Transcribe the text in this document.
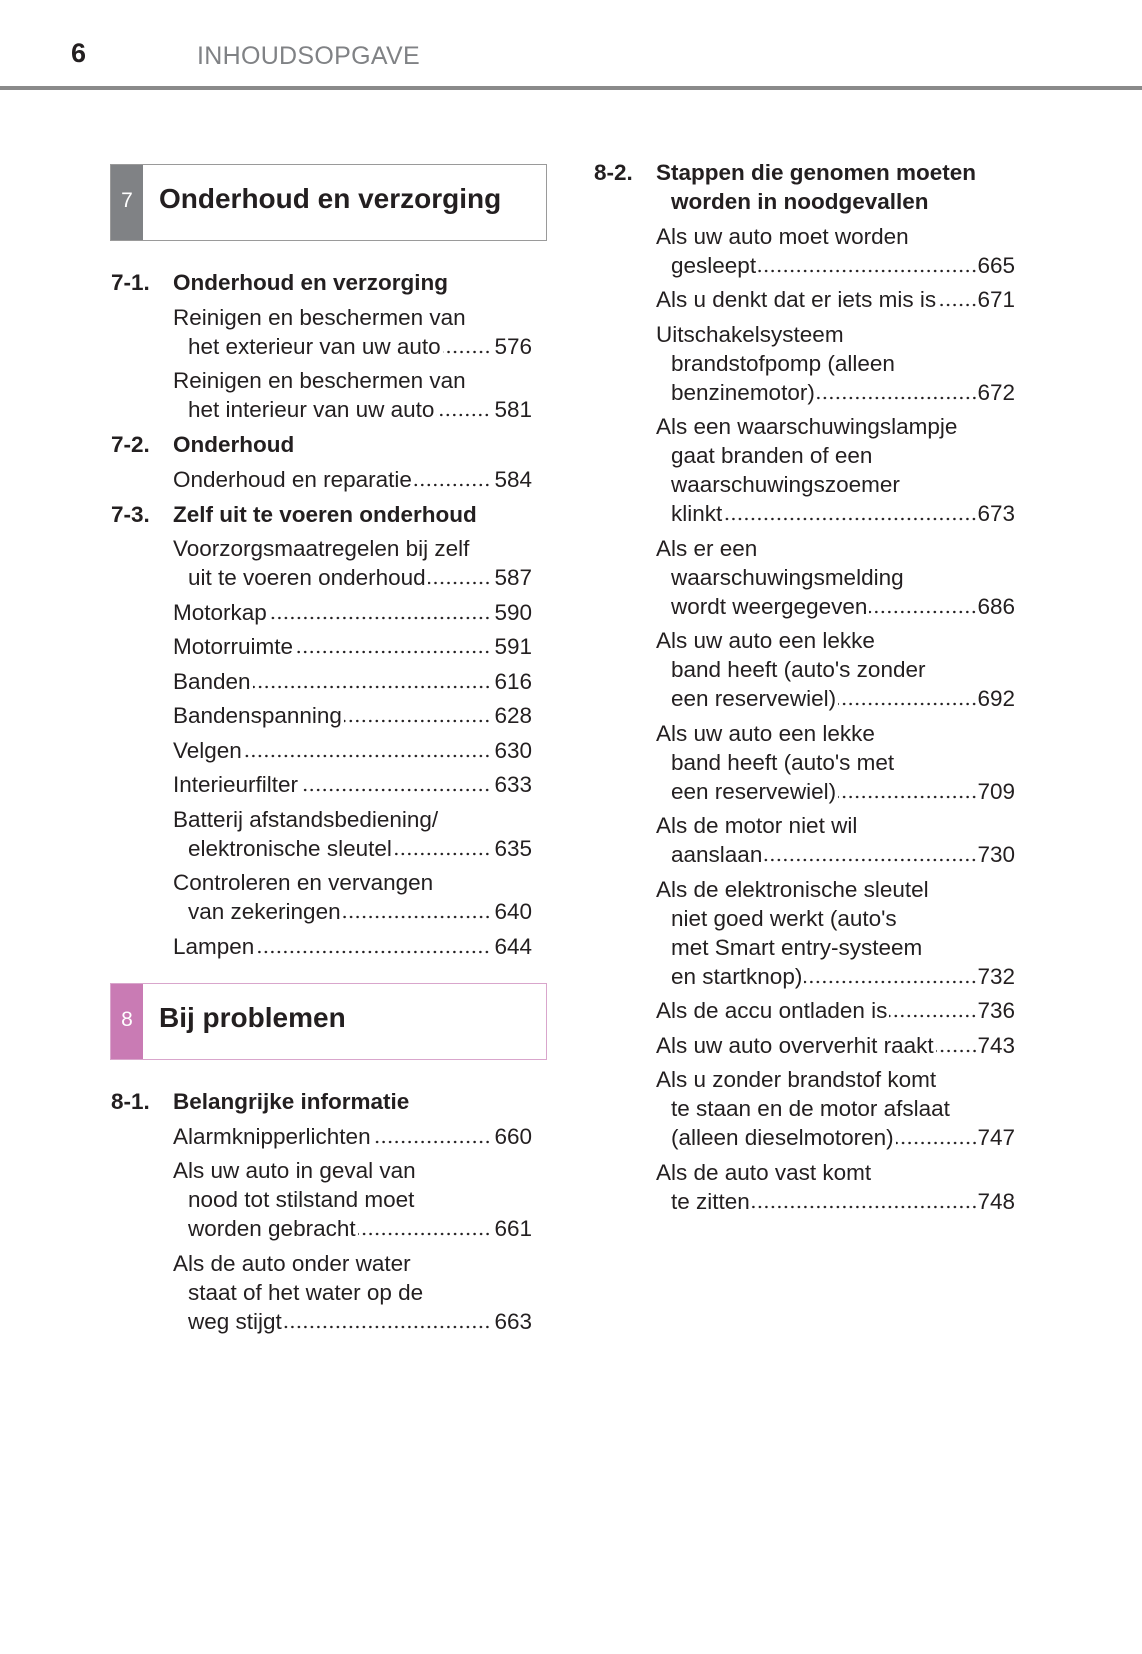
6	INHOUDSOPGAVE
7 Onderhoud en verzorging
7-1.	Onderhoud en verzorging
Reinigen en beschermen van
het exterieur van uw auto 576
Reinigen en beschermen van
het interieur van uw auto	581
7-2.	Onderhoud
Onderhoud en reparatie	584
7-3.	Zelf uit te voeren onderhoud
Voorzorgsmaatregelen bij zelf
uit te voeren onderhoud	587
Motorkap	590
Motorruimte	591
Banden	616
Bandenspanning	628
Velgen	630
Interieurfilter	633
Batterij afstandsbediening/
elektronische sleutel	635
Controleren en vervangen
van zekeringen	640
Lampen	644
8 Bij problemen
8-1.	Belangrijke informatie
Alarmknipperlichten	660
Als uw auto in geval van
nood tot stilstand moet
worden gebracht	661
Als de auto onder water
staat of het water op de
weg stijgt	663
8-2.	Stappen die genomen moeten
worden in noodgevallen
Als uw auto moet worden
gesleept	665
Als u denkt dat er iets mis is 671
Uitschakelsysteem
brandstofpomp (alleen
benzinemotor)	672
Als een waarschuwingslampje
gaat branden of een
waarschuwingszoemer
klinkt	673
Als er een
waarschuwingsmelding
wordt weergegeven	686
Als uw auto een lekke
band heeft (auto's zonder
een reservewiel)	692
Als uw auto een lekke
band heeft (auto's met
een reservewiel)	709
Als de motor niet wil
aanslaan	730
Als de elektronische sleutel
niet goed werkt (auto's
met Smart entry-systeem
en startknop)	732
Als de accu ontladen is	736
Als uw auto oververhit raakt 743
Als u zonder brandstof komt
te staan en de motor afslaat
(alleen dieselmotoren)	747
Als de auto vast komt
te zitten	748
